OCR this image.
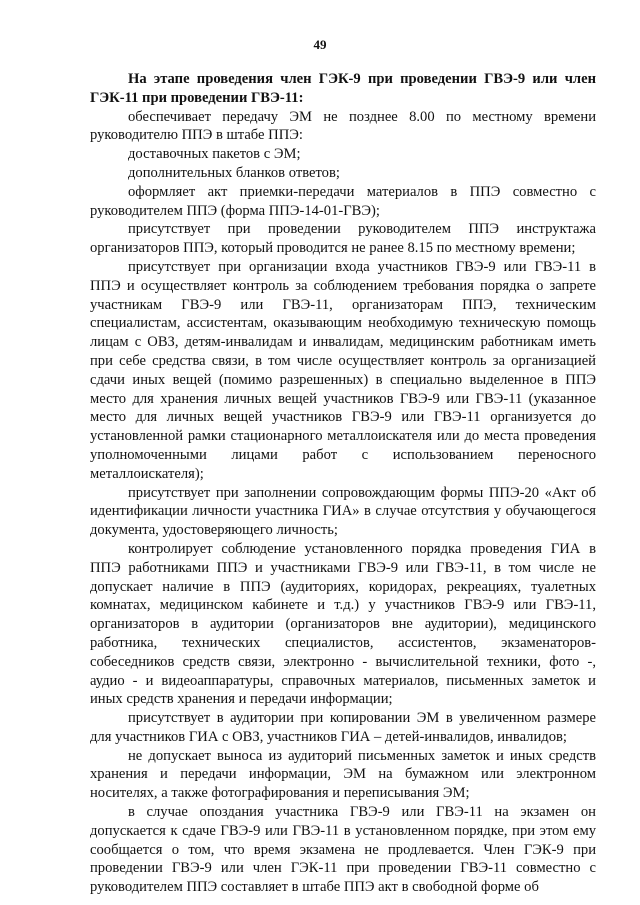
49

На этапе проведения член ГЭК-9 при проведении ГВЭ-9 или член ГЭК-11 при проведении ГВЭ-11:

обеспечивает передачу ЭМ не позднее 8.00 по местному времени руководителю ППЭ в штабе ППЭ:

доставочных пакетов с ЭМ;

дополнительных бланков ответов;

оформляет акт приемки-передачи материалов в ППЭ совместно с руководителем ППЭ (форма ППЭ-14-01-ГВЭ);

присутствует при проведении руководителем ППЭ инструктажа организаторов ППЭ, который проводится не ранее 8.15 по местному времени;

присутствует при организации входа участников ГВЭ-9 или ГВЭ-11 в ППЭ и осуществляет контроль за соблюдением требования порядка о запрете участникам ГВЭ-9 или ГВЭ-11, организаторам ППЭ, техническим специалистам, ассистентам, оказывающим необходимую техническую помощь лицам с ОВЗ, детям-инвалидам и инвалидам, медицинским работникам иметь при себе средства связи, в том числе осуществляет контроль за организацией сдачи иных вещей (помимо разрешенных) в специально выделенное в ППЭ место для хранения личных вещей участников ГВЭ-9 или ГВЭ-11 (указанное место для личных вещей участников ГВЭ-9 или ГВЭ-11 организуется до установленной рамки стационарного металлоискателя или до места проведения уполномоченными лицами работ с использованием переносного металлоискателя);

присутствует при заполнении сопровождающим формы ППЭ-20 «Акт об идентификации личности участника ГИА» в случае отсутствия у обучающегося документа, удостоверяющего личность;

контролирует соблюдение установленного порядка проведения ГИА в ППЭ работниками ППЭ и участниками ГВЭ-9 или ГВЭ-11, в том числе не допускает наличие в ППЭ (аудиториях, коридорах, рекреациях, туалетных комнатах, медицинском кабинете и т.д.) у участников ГВЭ-9 или ГВЭ-11, организаторов в аудитории (организаторов вне аудитории), медицинского работника, технических специалистов, ассистентов, экзаменаторов-собеседников средств связи, электронно - вычислительной техники, фото -, аудио - и видеоаппаратуры, справочных материалов, письменных заметок и иных средств хранения и передачи информации;

присутствует в аудитории при копировании ЭМ в увеличенном размере для участников ГИА с ОВЗ, участников ГИА – детей-инвалидов, инвалидов;

не допускает выноса из аудиторий письменных заметок и иных средств хранения и передачи информации, ЭМ на бумажном или электронном носителях, а также фотографирования и переписывания ЭМ;

в случае опоздания участника ГВЭ-9 или ГВЭ-11 на экзамен он допускается к сдаче ГВЭ-9 или ГВЭ-11 в установленном порядке, при этом ему сообщается о том, что время экзамена не продлевается. Член ГЭК-9 при проведении ГВЭ-9 или член ГЭК-11 при проведении ГВЭ-11 совместно с руководителем ППЭ составляет в штабе ППЭ акт в свободной форме об
